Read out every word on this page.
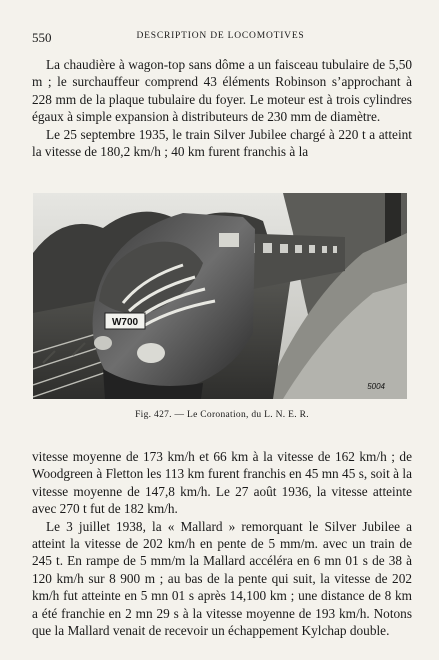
550	DESCRIPTION DE LOCOMOTIVES

La chaudière à wagon-top sans dôme a un faisceau tubulaire de 5,50 m ; le surchauffeur comprend 43 éléments Robinson s’approchant à 228 mm de la plaque tubulaire du foyer. Le moteur est à trois cylindres égaux à simple expansion à distributeurs de 230 mm de diamètre.

Le 25 septembre 1935, le train Silver Jubilee chargé à 220 t a atteint la vitesse de 180,2 km/h ; 40 km furent franchis à la

W700
5004
Fig. 427. — Le Coronation, du L. N. E. R.

vitesse moyenne de 173 km/h et 66 km à la vitesse de 162 km/h ; de Woodgreen à Fletton les 113 km furent franchis en 45 mn 45 s, soit à la vitesse moyenne de 147,8 km/h. Le 27 août 1936, la vitesse atteinte avec 270 t fut de 182 km/h.

Le 3 juillet 1938, la « Mallard » remorquant le Silver Jubilee a atteint la vitesse de 202 km/h en pente de 5 mm/m. avec un train de 245 t. En rampe de 5 mm/m la Mallard accéléra en 6 mn 01 s de 38 à 120 km/h sur 8 900 m ; au bas de la pente qui suit, la vitesse de 202 km/h fut atteinte en 5 mn 01 s après 14,100 km ; une distance de 8 km a été franchie en 2 mn 29 s à la vitesse moyenne de 193 km/h. Notons que la Mallard venait de recevoir un échappement Kylchap double.
